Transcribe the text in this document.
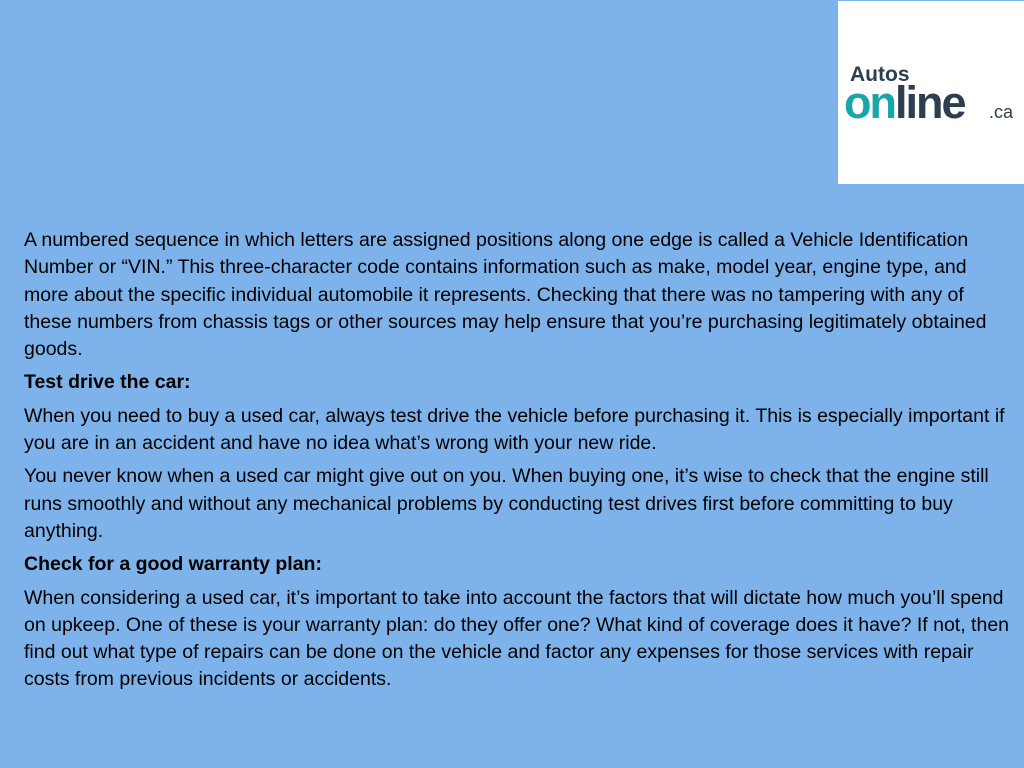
Autos
online .ca

A numbered sequence in which letters are assigned positions along one edge is called a Vehicle Identification Number or “VIN.” This three-character code contains information such as make, model year, engine type, and more about the specific individual automobile it represents. Checking that there was no tampering with any of these numbers from chassis tags or other sources may help ensure that you’re purchasing legitimately obtained goods.

Test drive the car:

When you need to buy a used car, always test drive the vehicle before purchasing it. This is especially important if you are in an accident and have no idea what’s wrong with your new ride.

You never know when a used car might give out on you. When buying one, it’s wise to check that the engine still runs smoothly and without any mechanical problems by conducting test drives first before committing to buy anything.

Check for a good warranty plan:

When considering a used car, it’s important to take into account the factors that will dictate how much you’ll spend on upkeep. One of these is your warranty plan: do they offer one? What kind of coverage does it have? If not, then find out what type of repairs can be done on the vehicle and factor any expenses for those services with repair costs from previous incidents or accidents.
